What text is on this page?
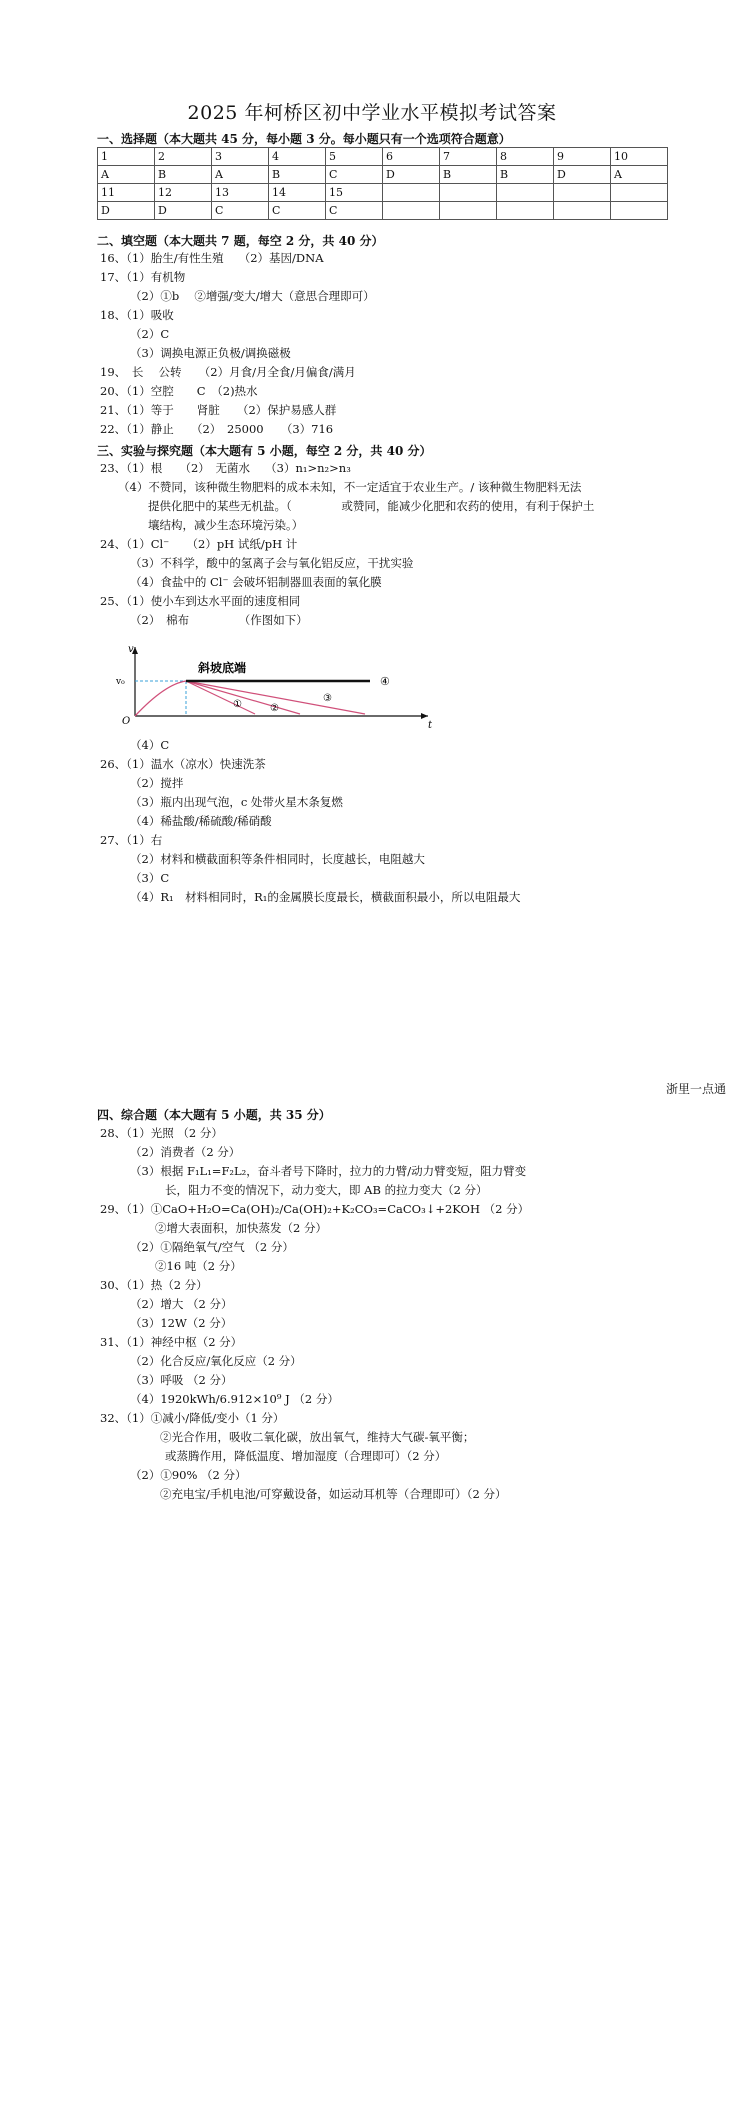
2025 年柯桥区初中学业水平模拟考试答案
一、选择题（本大题共 45 分，每小题 3 分。每小题只有一个选项符合题意）
1	2	3	4	5	6	7	8	9	10
A	B	A	B	C	D	B	B	D	A
11	12	13	14	15					
D	D	C	C	C					
二、填空题（本大题共 7 题，每空 2 分，共 40 分）
16、（1）胎生/有性生殖　 （2）基因/DNA
17、（1）有机物
（2）①b　 ②增强/变大/增大（意思合理即可）
18、（1）吸收
（2）C
（3）调换电源正负极/调换磁极
19、　长　 公转　　（2）月食/月全食/月偏食/满月
20、（1）空腔　　C　（2)热水
21、（1）等于　　肾脏　　（2）保护易感人群
22、（1）静止　　（2）　25000　　（3）716
三、实验与探究题（本大题有 5 小题，每空 2 分，共 40 分）
23、（1）根　　（2）　无菌水　 （3）n₁>n₂>n₃
（4）不赞同，该种微生物肥料的成本未知，不一定适宜于农业生产。/ 该种微生物肥料无法
提供化肥中的某些无机盐。（　　　　 或赞同，能减少化肥和农药的使用，有利于保护土
壤结构，减少生态环境污染。）
24、（1）Cl⁻　　（2）pH 试纸/pH 计
（3）不科学，酸中的氢离子会与氧化铝反应，干扰实验
（4）食盐中的 Cl⁻ 会破坏铝制器皿表面的氧化膜
25、（1）使小车到达水平面的速度相同
（2）　棉布　　　　 （作图如下）
v
t
O
v₀
斜坡底端
①	②
③
④
（4）C
26、（1）温水（凉水）快速洗茶
（2）搅拌
（3）瓶内出现气泡，c 处带火星木条复燃
（4）稀盐酸/稀硫酸/稀硝酸
27、（1）右
（2）材料和横截面积等条件相同时，长度越长，电阻越大
（3）C
（4）R₁　材料相同时，R₁的金属膜长度最长，横截面积最小，所以电阻最大
浙里一点通
四、综合题（本大题有 5 小题，共 35 分）
28、（1）光照 （2 分）
（2）消费者（2 分）
（3）根据 F₁L₁=F₂L₂，奋斗者号下降时，拉力的力臂/动力臂变短，阻力臂变
长，阻力不变的情况下，动力变大，即 AB 的拉力变大（2 分）
29、（1）①CaO+H₂O=Ca(OH)₂/Ca(OH)₂+K₂CO₃=CaCO₃↓+2KOH （2 分）
②增大表面积，加快蒸发（2 分）
（2）①隔绝氧气/空气 （2 分）
②16 吨（2 分）
30、（1）热（2 分）
（2）增大 （2 分）
（3）12W（2 分）
31、（1）神经中枢（2 分）
（2）化合反应/氧化反应（2 分）
（3）呼吸 （2 分）
（4）1920kWh/6.912×10⁹ J （2 分）
32、（1）①减小/降低/变小（1 分）
②光合作用，吸收二氧化碳，放出氧气，维持大气碳-氧平衡；
或蒸腾作用，降低温度、增加湿度（合理即可）（2 分）
（2）①90% （2 分）
②充电宝/手机电池/可穿戴设备，如运动耳机等（合理即可）（2 分）
